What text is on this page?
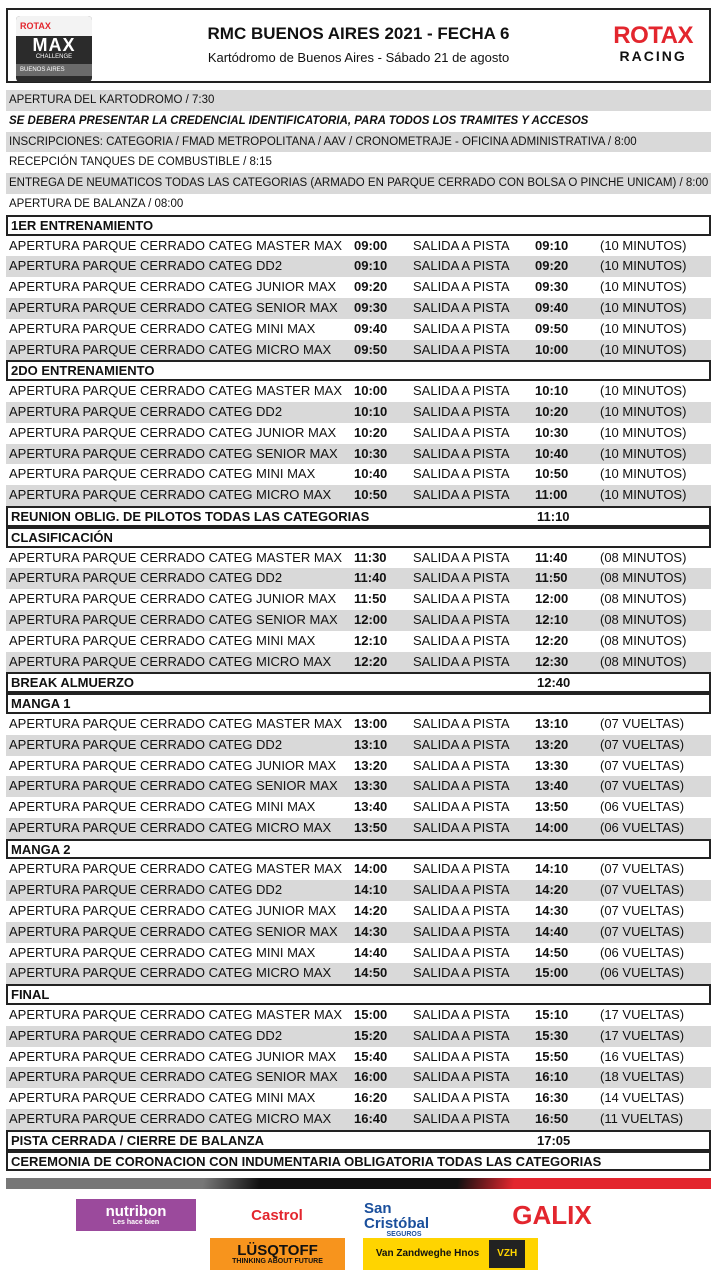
ROTAX
MAX
CHALLENGE
BUENOS AIRES
RMC BUENOS AIRES 2021 - FECHA 6
Kartódromo de Buenos Aires - Sábado 21 de agosto
ROTAX
RACING
APERTURA DEL KARTODROMO / 7:30
SE DEBERA PRESENTAR LA CREDENCIAL IDENTIFICATORIA, PARA TODOS LOS TRAMITES Y ACCESOS
INSCRIPCIONES: CATEGORIA / FMAD METROPOLITANA / AAV / CRONOMETRAJE - OFICINA ADMINISTRATIVA / 8:00
RECEPCIÓN TANQUES DE COMBUSTIBLE / 8:15
ENTREGA DE NEUMATICOS TODAS LAS CATEGORIAS (ARMADO EN PARQUE CERRADO CON BOLSA O PINCHE UNICAM) / 8:00
APERTURA DE BALANZA / 08:00
1ER ENTRENAMIENTO
APERTURA PARQUE CERRADO CATEG MASTER MAX 09:00 SALIDA A PISTA 09:10 (10 MINUTOS)
APERTURA PARQUE CERRADO CATEG DD2	09:10 SALIDA A PISTA 09:20 (10 MINUTOS)
APERTURA PARQUE CERRADO CATEG JUNIOR MAX 09:20 SALIDA A PISTA 09:30 (10 MINUTOS)
APERTURA PARQUE CERRADO CATEG SENIOR MAX 09:30 SALIDA A PISTA 09:40 (10 MINUTOS)
APERTURA PARQUE CERRADO CATEG MINI MAX	09:40 SALIDA A PISTA 09:50 (10 MINUTOS)
APERTURA PARQUE CERRADO CATEG MICRO MAX 09:50 SALIDA A PISTA 10:00 (10 MINUTOS)
2DO ENTRENAMIENTO
APERTURA PARQUE CERRADO CATEG MASTER MAX 10:00 SALIDA A PISTA 10:10 (10 MINUTOS)
APERTURA PARQUE CERRADO CATEG DD2	10:10 SALIDA A PISTA 10:20 (10 MINUTOS)
APERTURA PARQUE CERRADO CATEG JUNIOR MAX 10:20 SALIDA A PISTA 10:30 (10 MINUTOS)
APERTURA PARQUE CERRADO CATEG SENIOR MAX 10:30 SALIDA A PISTA 10:40 (10 MINUTOS)
APERTURA PARQUE CERRADO CATEG MINI MAX	10:40 SALIDA A PISTA 10:50 (10 MINUTOS)
APERTURA PARQUE CERRADO CATEG MICRO MAX 10:50 SALIDA A PISTA 11:00 (10 MINUTOS)
REUNION OBLIG. DE PILOTOS TODAS LAS CATEGORIAS	11:10
CLASIFICACIÓN
APERTURA PARQUE CERRADO CATEG MASTER MAX 11:30 SALIDA A PISTA 11:40 (08 MINUTOS)
APERTURA PARQUE CERRADO CATEG DD2	11:40 SALIDA A PISTA 11:50 (08 MINUTOS)
APERTURA PARQUE CERRADO CATEG JUNIOR MAX 11:50 SALIDA A PISTA 12:00 (08 MINUTOS)
APERTURA PARQUE CERRADO CATEG SENIOR MAX 12:00 SALIDA A PISTA 12:10 (08 MINUTOS)
APERTURA PARQUE CERRADO CATEG MINI MAX	12:10 SALIDA A PISTA 12:20 (08 MINUTOS)
APERTURA PARQUE CERRADO CATEG MICRO MAX 12:20 SALIDA A PISTA 12:30 (08 MINUTOS)
BREAK ALMUERZO	12:40
MANGA 1
APERTURA PARQUE CERRADO CATEG MASTER MAX 13:00 SALIDA A PISTA 13:10 (07 VUELTAS)
APERTURA PARQUE CERRADO CATEG DD2	13:10 SALIDA A PISTA 13:20 (07 VUELTAS)
APERTURA PARQUE CERRADO CATEG JUNIOR MAX 13:20 SALIDA A PISTA 13:30 (07 VUELTAS)
APERTURA PARQUE CERRADO CATEG SENIOR MAX 13:30 SALIDA A PISTA 13:40 (07 VUELTAS)
APERTURA PARQUE CERRADO CATEG MINI MAX	13:40 SALIDA A PISTA 13:50 (06 VUELTAS)
APERTURA PARQUE CERRADO CATEG MICRO MAX 13:50 SALIDA A PISTA 14:00 (06 VUELTAS)
MANGA 2
APERTURA PARQUE CERRADO CATEG MASTER MAX 14:00 SALIDA A PISTA 14:10 (07 VUELTAS)
APERTURA PARQUE CERRADO CATEG DD2	14:10 SALIDA A PISTA 14:20 (07 VUELTAS)
APERTURA PARQUE CERRADO CATEG JUNIOR MAX 14:20 SALIDA A PISTA 14:30 (07 VUELTAS)
APERTURA PARQUE CERRADO CATEG SENIOR MAX 14:30 SALIDA A PISTA 14:40 (07 VUELTAS)
APERTURA PARQUE CERRADO CATEG MINI MAX	14:40 SALIDA A PISTA 14:50 (06 VUELTAS)
APERTURA PARQUE CERRADO CATEG MICRO MAX 14:50 SALIDA A PISTA 15:00 (06 VUELTAS)
FINAL
APERTURA PARQUE CERRADO CATEG MASTER MAX 15:00 SALIDA A PISTA 15:10 (17 VUELTAS)
APERTURA PARQUE CERRADO CATEG DD2	15:20 SALIDA A PISTA 15:30 (17 VUELTAS)
APERTURA PARQUE CERRADO CATEG JUNIOR MAX 15:40 SALIDA A PISTA 15:50 (16 VUELTAS)
APERTURA PARQUE CERRADO CATEG SENIOR MAX 16:00 SALIDA A PISTA 16:10 (18 VUELTAS)
APERTURA PARQUE CERRADO CATEG MINI MAX	16:20 SALIDA A PISTA 16:30 (14 VUELTAS)
APERTURA PARQUE CERRADO CATEG MICRO MAX 16:40 SALIDA A PISTA 16:50 (11 VUELTAS)
PISTA CERRADA / CIERRE DE BALANZA	17:05
CEREMONIA DE CORONACION CON INDUMENTARIA OBLIGATORIA TODAS LAS CATEGORIAS
nutribon
Les hace bien	Castrol	San Cristóbal
SEGUROS
GALIX
LÜSQTOFF
THINKING ABOUT FUTURE
Van Zandweghe Hnos	VZH
